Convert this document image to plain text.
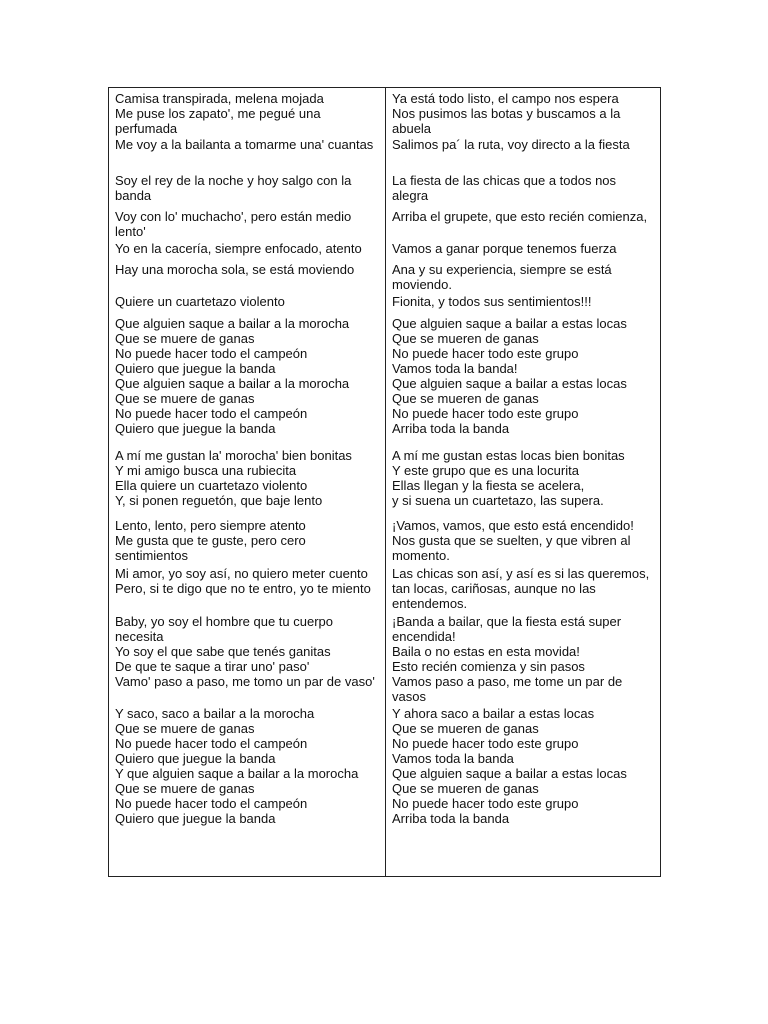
Camisa transpirada, melena mojada
Me puse los zapato', me pegué una perfumada
Me voy a la bailanta a tomarme una' cuantas
Soy el rey de la noche y hoy salgo con la banda
Voy con lo' muchacho', pero están medio lento'
Yo en la cacería, siempre enfocado, atento
Hay una morocha sola, se está moviendo
Quiere un cuartetazo violento
Que alguien saque a bailar a la morocha
Que se muere de ganas
No puede hacer todo el campeón
Quiero que juegue la banda
Que alguien saque a bailar a la morocha
Que se muere de ganas
No puede hacer todo el campeón
Quiero que juegue la banda
A mí me gustan la' morocha' bien bonitas
Y mi amigo busca una rubiecita
Ella quiere un cuartetazo violento
Y, si ponen reguetón, que baje lento
Lento, lento, pero siempre atento
Me gusta que te guste, pero cero sentimientos
Mi amor, yo soy así, no quiero meter cuento
Pero, si te digo que no te entro, yo te miento
Baby, yo soy el hombre que tu cuerpo necesita
Yo soy el que sabe que tenés ganitas
De que te saque a tirar uno' paso'
Vamo' paso a paso, me tomo un par de vaso'
Y saco, saco a bailar a la morocha
Que se muere de ganas
No puede hacer todo el campeón
Quiero que juegue la banda
Y que alguien saque a bailar a la morocha
Que se muere de ganas
No puede hacer todo el campeón
Quiero que juegue la banda
Ya está todo listo, el campo nos espera
Nos pusimos las botas y buscamos a la abuela
Salimos pa´ la ruta, voy directo a la fiesta
La fiesta de las chicas que a todos nos alegra
Arriba el grupete, que esto recién comienza,
Vamos a ganar porque tenemos fuerza
Ana y su experiencia, siempre se está moviendo.
Fionita, y todos sus sentimientos!!!
Que alguien saque a bailar a estas locas
Que se mueren de ganas
No puede hacer todo este grupo
Vamos toda la banda!
Que alguien saque a bailar a estas locas
Que se mueren de ganas
No puede hacer todo este grupo
Arriba toda la banda
A mí me gustan estas locas bien bonitas
Y este grupo que es una locurita
Ellas llegan y la fiesta se acelera,
y si suena un cuartetazo, las supera.
¡Vamos, vamos, que esto está encendido!
Nos gusta que se suelten, y que vibren al momento.
Las chicas son así, y así es si las queremos, tan locas, cariñosas, aunque no las entendemos.
¡Banda a bailar, que la fiesta está super encendida!
Baila o no estas en esta movida!
Esto recién comienza y sin pasos
Vamos paso a paso, me tome un par de vasos
Y ahora saco a bailar a estas locas
Que se mueren de ganas
No puede hacer todo este grupo
Vamos toda la banda
Que alguien saque a bailar a estas locas
Que se mueren de ganas
No puede hacer todo este grupo
Arriba toda la banda
